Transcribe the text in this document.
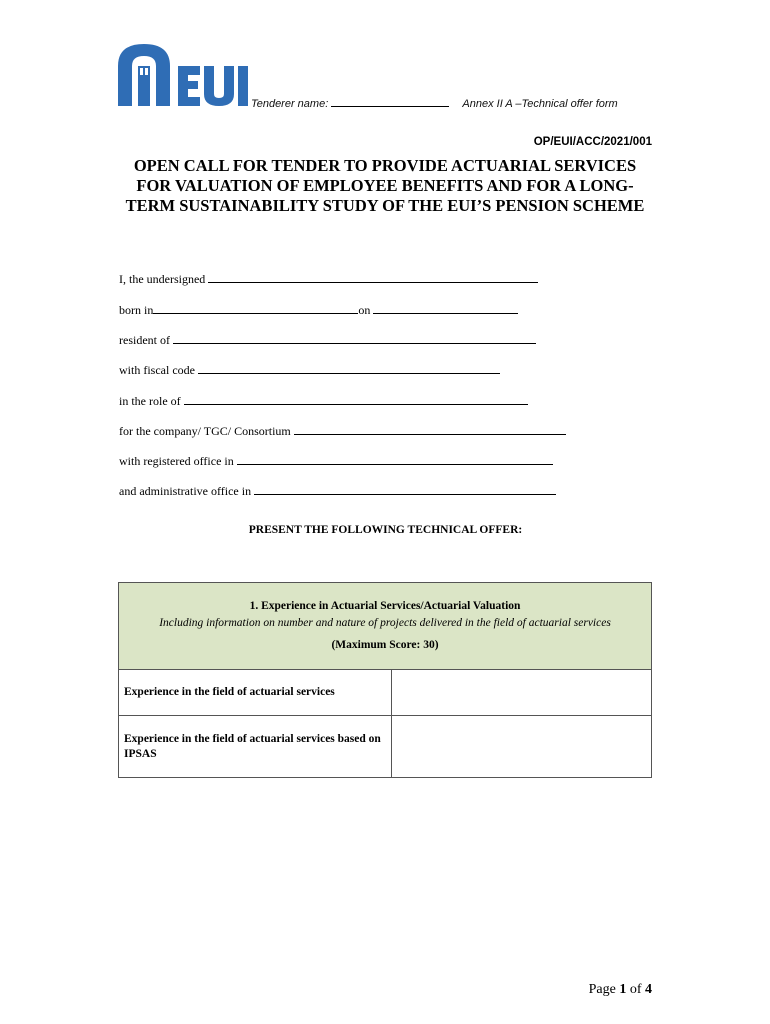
Tenderer name:	Annex II A –Technical offer form
OP/EUI/ACC/2021/001
OPEN CALL FOR TENDER TO PROVIDE ACTUARIAL SERVICES
FOR VALUATION OF EMPLOYEE BENEFITS AND FOR A LONG-
TERM SUSTAINABILITY STUDY OF THE EUI’S PENSION SCHEME
I, the undersigned
born in	on
resident of
with fiscal code
in the role of
for the company/ TGC/ Consortium
with registered office in
and administrative office in
PRESENT THE FOLLOWING TECHNICAL OFFER:
1. Experience in Actuarial Services/Actuarial Valuation
Including information on number and nature of projects delivered in the field of actuarial services
(Maximum Score: 30)	

Experience in the field of actuarial services	
Experience in the field of actuarial services based on IPSAS	
Page 1 of 4
